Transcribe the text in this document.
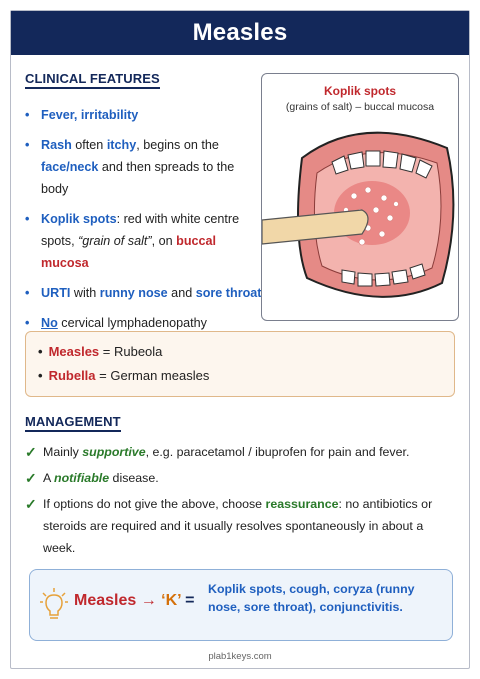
Measles
CLINICAL FEATURES
• Fever, irritability
• Rash often itchy, begins on the face/neck and then spreads to the body
• Koplik spots: red with white centre spots, “grain of salt”, on buccal mucosa
• URTI with runny nose and sore throat
• No cervical lymphadenopathy
Koplik spots
(grains of salt) – buccal mucosa
• Measles = Rubeola
• Rubella = German measles
MANAGEMENT
✓ Mainly supportive, e.g. paracetamol / ibuprofen for pain and fever.
✓ A notifiable disease.
✓ If options do not give the above, choose reassurance: no antibiotics or steroids are required and it usually resolves spontaneously in about a week.
Measles → ‘K’ =
Koplik spots, cough, coryza (runny nose, sore throat), conjunctivitis.
plab1keys.com
